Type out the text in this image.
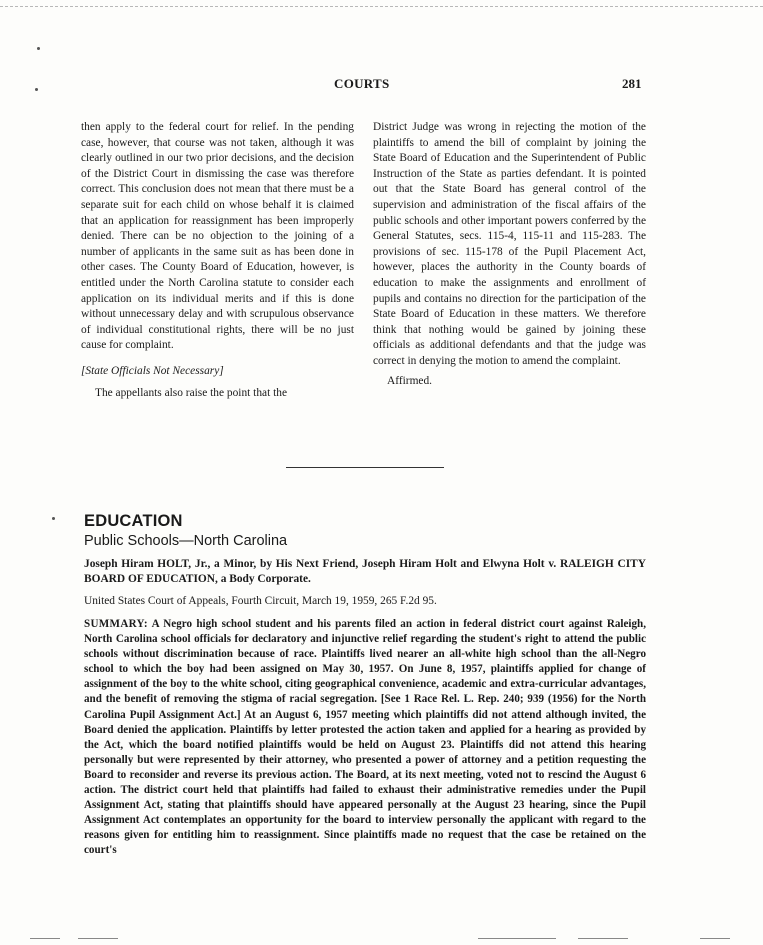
COURTS	281

then apply to the federal court for relief. In the pending case, however, that course was not taken, although it was clearly outlined in our two prior decisions, and the decision of the District Court in dismissing the case was therefore correct. This conclusion does not mean that there must be a separate suit for each child on whose behalf it is claimed that an application for reassignment has been improperly denied. There can be no objection to the joining of a number of applicants in the same suit as has been done in other cases. The County Board of Education, however, is entitled under the North Carolina statute to consider each application on its individual merits and if this is done without unnecessary delay and with scrupulous observance of individual constitutional rights, there will be no just cause for complaint.

[State Officials Not Necessary]

The appellants also raise the point that the

District Judge was wrong in rejecting the motion of the plaintiffs to amend the bill of complaint by joining the State Board of Education and the Superintendent of Public Instruction of the State as parties defendant. It is pointed out that the State Board has general control of the supervision and administration of the fiscal affairs of the public schools and other important powers conferred by the General Statutes, secs. 115-4, 115-11 and 115-283. The provisions of sec. 115-178 of the Pupil Placement Act, however, places the authority in the County boards of education to make the assignments and enrollment of pupils and contains no direction for the participation of the State Board of Education in these matters. We therefore think that nothing would be gained by joining these officials as additional defendants and that the judge was correct in denying the motion to amend the complaint.

Affirmed.

EDUCATION
Public Schools—North Carolina

Joseph Hiram HOLT, Jr., a Minor, by His Next Friend, Joseph Hiram Holt and Elwyna Holt v. RALEIGH CITY BOARD OF EDUCATION, a Body Corporate.

United States Court of Appeals, Fourth Circuit, March 19, 1959, 265 F.2d 95.

SUMMARY: A Negro high school student and his parents filed an action in federal district court against Raleigh, North Carolina school officials for declaratory and injunctive relief regarding the student's right to attend the public schools without discrimination because of race. Plaintiffs lived nearer an all-white high school than the all-Negro school to which the boy had been assigned on May 30, 1957. On June 8, 1957, plaintiffs applied for change of assignment of the boy to the white school, citing geographical convenience, academic and extra-curricular advantages, and the benefit of removing the stigma of racial segregation. [See 1 Race Rel. L. Rep. 240; 939 (1956) for the North Carolina Pupil Assignment Act.] At an August 6, 1957 meeting which plaintiffs did not attend although invited, the Board denied the application. Plaintiffs by letter protested the action taken and applied for a hearing as provided by the Act, which the board notified plaintiffs would be held on August 23. Plaintiffs did not attend this hearing personally but were represented by their attorney, who presented a power of attorney and a petition requesting the Board to reconsider and reverse its previous action. The Board, at its next meeting, voted not to rescind the August 6 action. The district court held that plaintiffs had failed to exhaust their administrative remedies under the Pupil Assignment Act, stating that plaintiffs should have appeared personally at the August 23 hearing, since the Pupil Assignment Act contemplates an opportunity for the board to interview personally the applicant with regard to the reasons given for entitling him to reassignment. Since plaintiffs made no request that the case be retained on the court's
